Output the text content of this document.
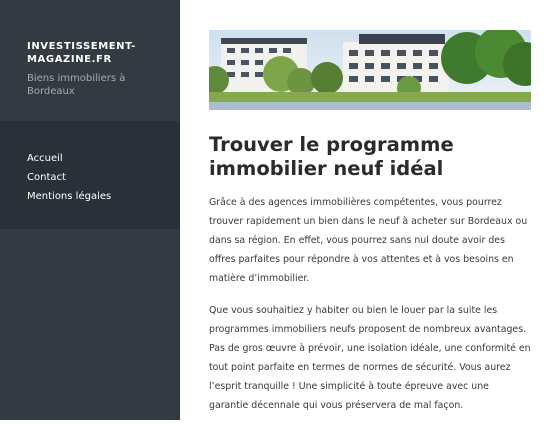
INVESTISSEMENT-MAGAZINE.FR

Biens immobiliers à Bordeaux
Accueil
Contact
Mentions légales
Trouver le programme immobilier neuf idéal

Grâce à des agences immobilières compétentes, vous pourrez trouver rapidement un bien dans le neuf à acheter sur Bordeaux ou dans sa région. En effet, vous pourrez sans nul doute avoir des offres parfaites pour répondre à vos attentes et à vos besoins en matière d’immobilier.

Que vous souhaitiez y habiter ou bien le louer par la suite les programmes immobiliers neufs proposent de nombreux avantages. Pas de gros œuvre à prévoir, une isolation idéale, une conformité en tout point parfaite en termes de normes de sécurité. Vous aurez l’esprit tranquille ! Une simplicité à toute épreuve avec une garantie décennale qui vous préservera de mal façon.
